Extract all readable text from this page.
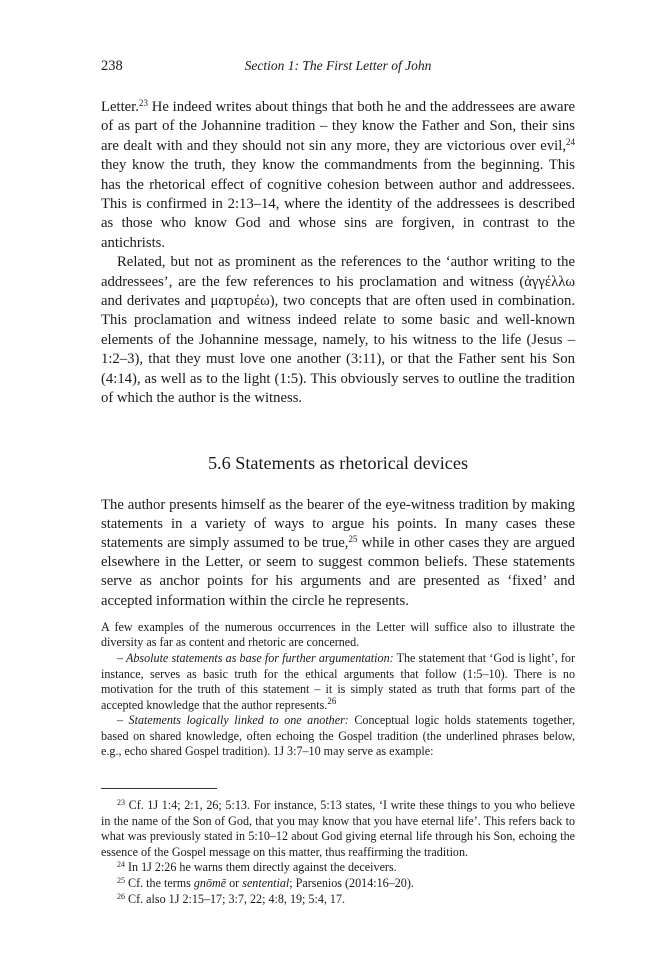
238	Section 1: The First Letter of John

Letter.$^{23}$ He indeed writes about things that both he and the addressees are aware of as part of the Johannine tradition – they know the Father and Son, their sins are dealt with and they should not sin any more, they are victorious over evil,$^{24}$ they know the truth, they know the commandments from the beginning. This has the rhetorical effect of cognitive cohesion between author and addressees. This is confirmed in 2:13–14, where the identity of the addressees is described as those who know God and whose sins are forgiven, in contrast to the antichrists.

Related, but not as prominent as the references to the ‘author writing to the addressees’, are the few references to his proclamation and witness (ἀγγέλλω and derivates and μαρτυρέω), two concepts that are often used in combination. This proclamation and witness indeed relate to some basic and well-known elements of the Johannine message, namely, to his witness to the life (Jesus – 1:2–3), that they must love one another (3:11), or that the Father sent his Son (4:14), as well as to the light (1:5). This obviously serves to outline the tradition of which the author is the witness.

5.6 Statements as rhetorical devices

The author presents himself as the bearer of the eye-witness tradition by making statements in a variety of ways to argue his points. In many cases these statements are simply assumed to be true,$^{25}$ while in other cases they are argued elsewhere in the Letter, or seem to suggest common beliefs. These statements serve as anchor points for his arguments and are presented as ‘fixed’ and accepted information within the circle he represents.

A few examples of the numerous occurrences in the Letter will suffice also to illustrate the diversity as far as content and rhetoric are concerned.

– Absolute statements as base for further argumentation: The statement that ‘God is light’, for instance, serves as basic truth for the ethical arguments that follow (1:5–10). There is no motivation for the truth of this statement – it is simply stated as truth that forms part of the accepted knowledge that the author represents.$^{26}$

– Statements logically linked to one another: Conceptual logic holds statements together, based on shared knowledge, often echoing the Gospel tradition (the underlined phrases below, e.g., echo shared Gospel tradition). 1J 3:7–10 may serve as example:

$^{23}$ Cf. 1J 1:4; 2:1, 26; 5:13. For instance, 5:13 states, ‘I write these things to you who believe in the name of the Son of God, that you may know that you have eternal life’. This refers back to what was previously stated in 5:10–12 about God giving eternal life through his Son, echoing the essence of the Gospel message on this matter, thus reaffirming the tradition.

$^{24}$ In 1J 2:26 he warns them directly against the deceivers.

$^{25}$ Cf. the terms gnōmē or sentential; Parsenios (2014:16–20).

$^{26}$ Cf. also 1J 2:15–17; 3:7, 22; 4:8, 19; 5:4, 17.
